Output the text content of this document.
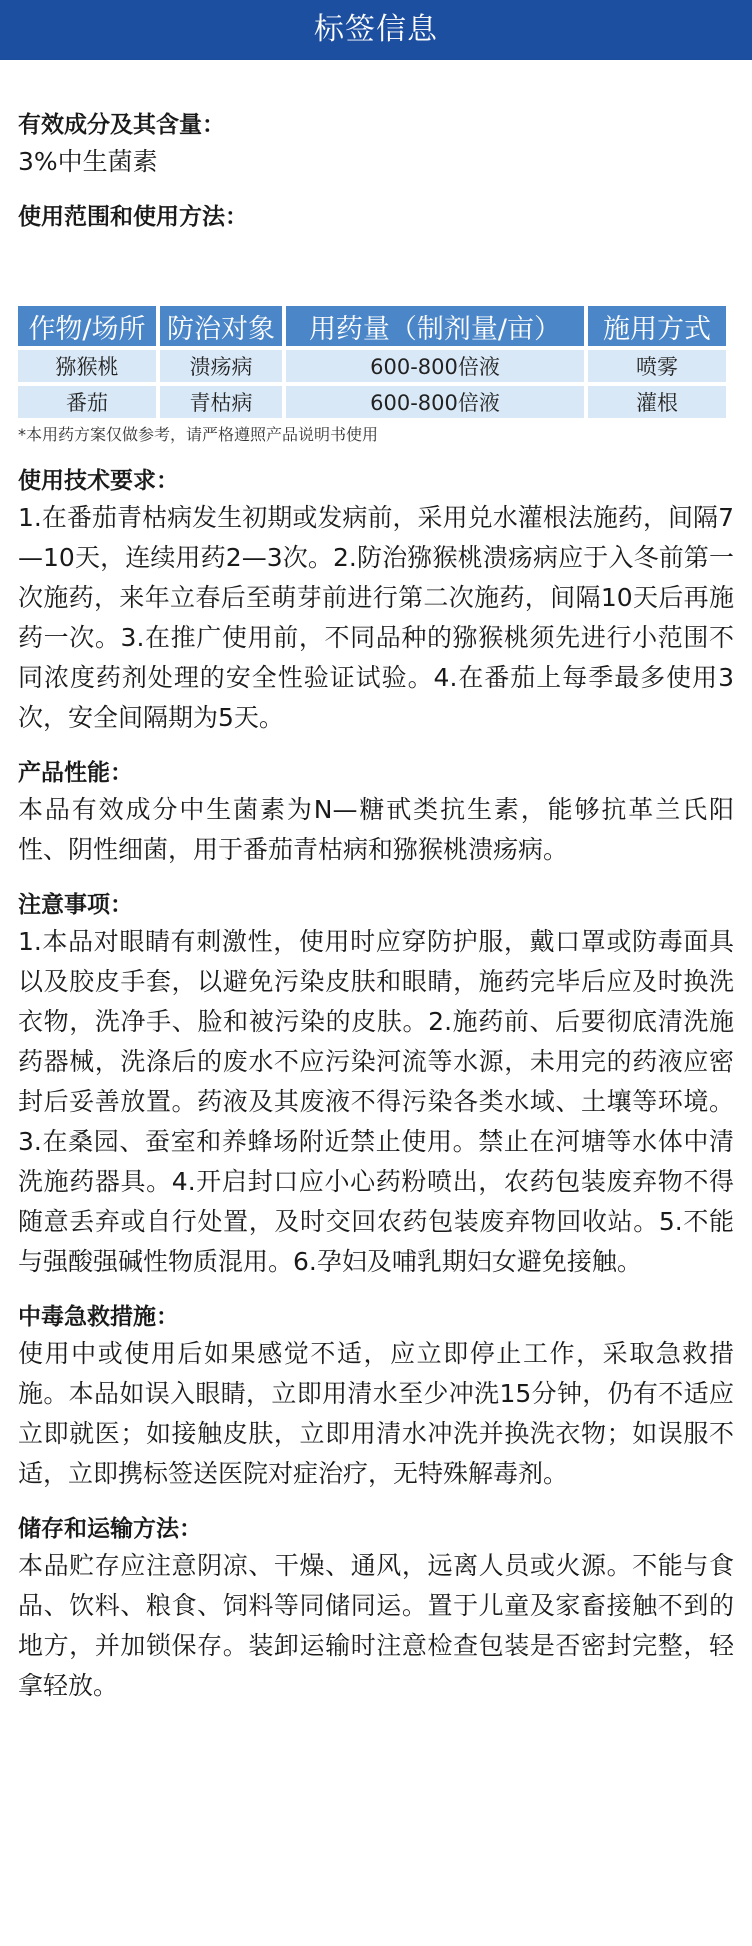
标签信息

有效成分及其含量：

3%中生菌素

使用范围和使用方法：

作物/场所	防治对象	用药量（制剂量/亩）	施用方式
猕猴桃	溃疡病	600-800倍液	喷雾
番茄	青枯病	600-800倍液	灌根
*本用药方案仅做参考，请严格遵照产品说明书使用

使用技术要求：

1.在番茄青枯病发生初期或发病前，采用兑水灌根法施药，间隔7—10天，连续用药2—3次。2.防治猕猴桃溃疡病应于入冬前第一次施药，来年立春后至萌芽前进行第二次施药，间隔10天后再施药一次。3.在推广使用前，不同品种的猕猴桃须先进行小范围不同浓度药剂处理的安全性验证试验。4.在番茄上每季最多使用3次，安全间隔期为5天。

产品性能：

本品有效成分中生菌素为N—糖甙类抗生素，能够抗革兰氏阳性、阴性细菌，用于番茄青枯病和猕猴桃溃疡病。

注意事项：

1.本品对眼睛有刺激性，使用时应穿防护服，戴口罩或防毒面具以及胶皮手套，以避免污染皮肤和眼睛，施药完毕后应及时换洗衣物，洗净手、脸和被污染的皮肤。2.施药前、后要彻底清洗施药器械，洗涤后的废水不应污染河流等水源，未用完的药液应密封后妥善放置。药液及其废液不得污染各类水域、土壤等环境。3.在桑园、蚕室和养蜂场附近禁止使用。禁止在河塘等水体中清洗施药器具。4.开启封口应小心药粉喷出，农药包装废弃物不得随意丢弃或自行处置，及时交回农药包装废弃物回收站。5.不能与强酸强碱性物质混用。6.孕妇及哺乳期妇女避免接触。

中毒急救措施：

使用中或使用后如果感觉不适，应立即停止工作，采取急救措施。本品如误入眼睛，立即用清水至少冲洗15分钟，仍有不适应立即就医；如接触皮肤，立即用清水冲洗并换洗衣物；如误服不适，立即携标签送医院对症治疗，无特殊解毒剂。

储存和运输方法：

本品贮存应注意阴凉、干燥、通风，远离人员或火源。不能与食品、饮料、粮食、饲料等同储同运。置于儿童及家畜接触不到的地方，并加锁保存。装卸运输时注意检查包装是否密封完整，轻拿轻放。
